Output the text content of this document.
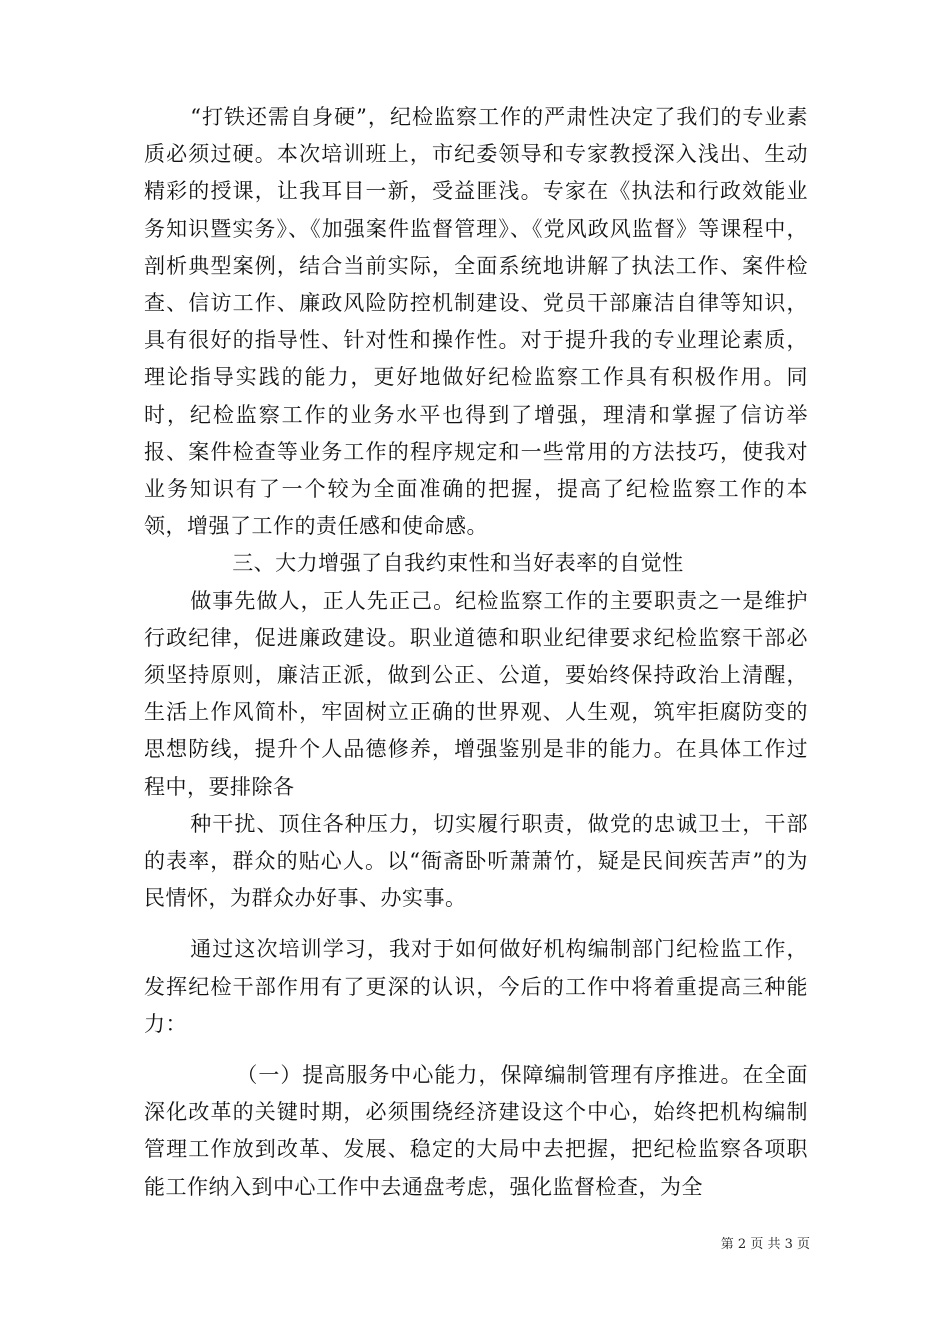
“打铁还需自身硬”，纪检监察工作的严肃性决定了我们的专业素质必须过硬。本次培训班上，市纪委领导和专家教授深入浅出、生动精彩的授课，让我耳目一新，受益匪浅。专家在《执法和行政效能业务知识暨实务》、《加强案件监督管理》、《党风政风监督》等课程中，剖析典型案例，结合当前实际，全面系统地讲解了执法工作、案件检查、信访工作、廉政风险防控机制建设、党员干部廉洁自律等知识，具有很好的指导性、针对性和操作性。对于提升我的专业理论素质，理论指导实践的能力，更好地做好纪检监察工作具有积极作用。同时，纪检监察工作的业务水平也得到了增强，理清和掌握了信访举报、案件检查等业务工作的程序规定和一些常用的方法技巧，使我对业务知识有了一个较为全面准确的把握，提高了纪检监察工作的本领，增强了工作的责任感和使命感。

三、大力增强了自我约束性和当好表率的自觉性

做事先做人，正人先正己。纪检监察工作的主要职责之一是维护行政纪律，促进廉政建设。职业道德和职业纪律要求纪检监察干部必须坚持原则，廉洁正派，做到公正、公道，要始终保持政治上清醒，生活上作风简朴，牢固树立正确的世界观、人生观，筑牢拒腐防变的思想防线，提升个人品德修养，增强鉴别是非的能力。在具体工作过程中，要排除各

种干扰、顶住各种压力，切实履行职责，做党的忠诚卫士，干部的表率，群众的贴心人。以“衙斋卧听萧萧竹，疑是民间疾苦声”的为民情怀，为群众办好事、办实事。

通过这次培训学习，我对于如何做好机构编制部门纪检监工作，发挥纪检干部作用有了更深的认识，今后的工作中将着重提高三种能力：

（一）提高服务中心能力，保障编制管理有序推进。在全面深化改革的关键时期，必须围绕经济建设这个中心，始终把机构编制管理工作放到改革、发展、稳定的大局中去把握，把纪检监察各项职能工作纳入到中心工作中去通盘考虑，强化监督检查，为全

第 2 页 共 3 页
